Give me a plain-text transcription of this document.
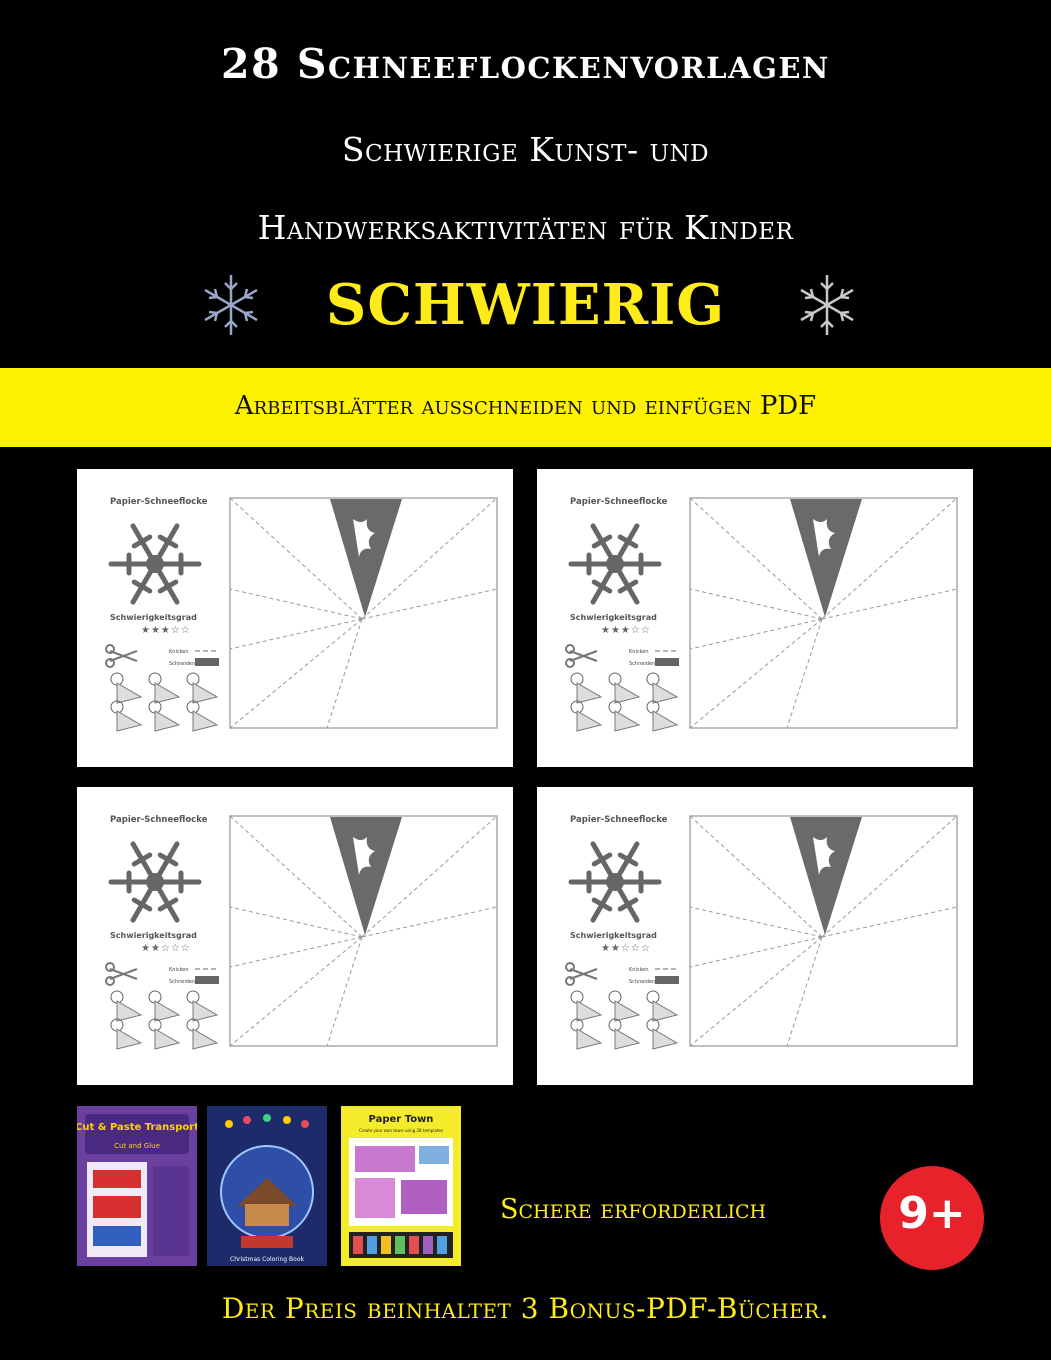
28 Schneeflockenvorlagen
Schwierige Kunst- und
Handwerksaktivitäten für Kinder
SCHWIERIG
Arbeitsblätter ausschneiden und einfügen PDF
Papier-Schneeflocke
Schwierigkeitsgrad
★★★☆☆
Knicken
Schneiden
Papier-Schneeflocke
Schwierigkeitsgrad
★★★☆☆
Knicken
Schneiden
Papier-Schneeflocke
Schwierigkeitsgrad
★★☆☆☆
Knicken
Schneiden
Papier-Schneeflocke
Schwierigkeitsgrad
★★☆☆☆
Knicken
Schneiden
Cut & Paste Transport
Cut and Glue
Christmas Coloring Book
Paper Town
Create your own town using 28 templates
Schere erforderlich	9+
Der Preis beinhaltet 3 Bonus-PDF-Bücher.
